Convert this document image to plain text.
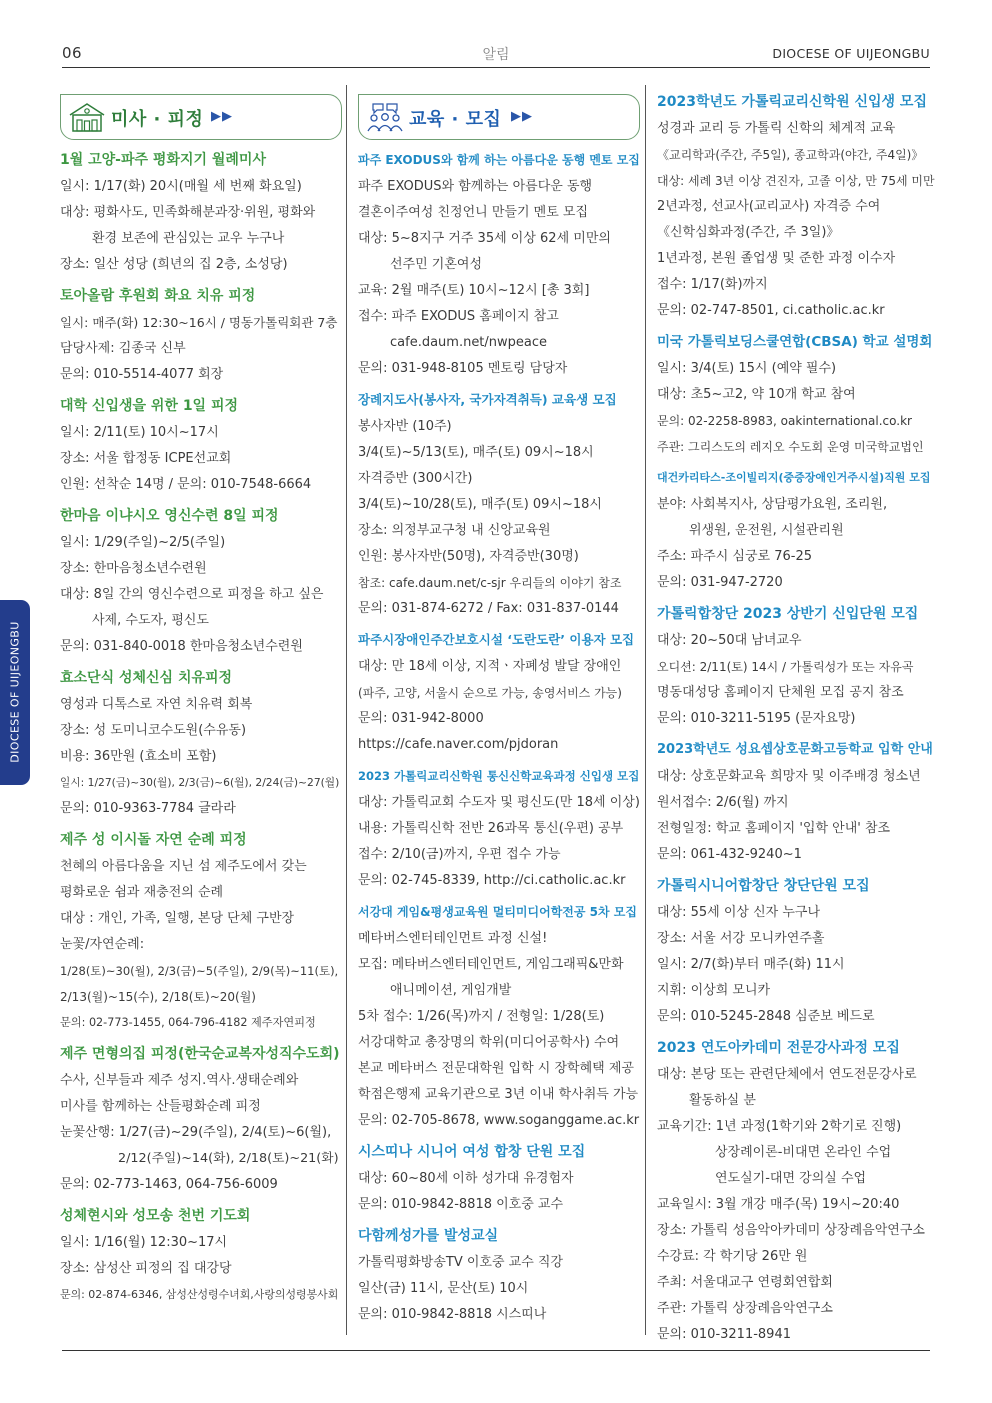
06	알림	DIOCESE OF UIJEONGBU
DIOCESE OF UIJEONGBU
미사 · 피정 ▶▶
1월 고양-파주 평화지기 월례미사
일시: 1/17(화) 20시(매월 세 번째 화요일)
대상: 평화사도, 민족화해분과장·위원, 평화와
환경 보존에 관심있는 교우 누구나
장소: 일산 성당 (희년의 집 2층, 소성당)
토아올람 후원회 화요 치유 피정
일시: 매주(화) 12:30~16시 / 명동가톨릭회관 7층
담당사제: 김종국 신부
문의: 010-5514-4077 회장
대학 신입생을 위한 1일 피정
일시: 2/11(토) 10시~17시
장소: 서울 합정동 ICPE선교회
인원: 선착순 14명 / 문의: 010-7548-6664
한마음 이냐시오 영신수련 8일 피정
일시: 1/29(주일)~2/5(주일)
장소: 한마음청소년수련원
대상: 8일 간의 영신수련으로 피정을 하고 싶은
사제, 수도자, 평신도
문의: 031-840-0018 한마음청소년수련원
효소단식 성체신심 치유피정
영성과 디톡스로 자연 치유력 회복
장소: 성 도미니코수도원(수유동)
비용: 36만원 (효소비 포함)
일시: 1/27(금)~30(월), 2/3(금)~6(월), 2/24(금)~27(월)
문의: 010-9363-7784 글라라
제주 성 이시돌 자연 순례 피정
천혜의 아름다움을 지닌 섬 제주도에서 갖는
평화로운 쉼과 재충전의 순례
대상 : 개인, 가족, 일행, 본당 단체 구반장
눈꽃/자연순례:
1/28(토)~30(월), 2/3(금)~5(주일), 2/9(목)~11(토),
2/13(월)~15(수), 2/18(토)~20(월)
문의: 02-773-1455, 064-796-4182 제주자연피정
제주 면형의집 피정(한국순교복자성직수도회)
수사, 신부들과 제주 성지.역사.생태순례와
미사를 함께하는 산들평화순례 피정
눈꽃산행: 1/27(금)~29(주일), 2/4(토)~6(월),
2/12(주일)~14(화), 2/18(토)~21(화)
문의: 02-773-1463, 064-756-6009
성체현시와 성모송 천번 기도회
일시: 1/16(월) 12:30~17시
장소: 삼성산 피정의 집 대강당
문의: 02-874-6346, 삼성산성령수녀회,사랑의성령봉사회
교육 · 모집 ▶▶
파주 EXODUS와 함께 하는 아름다운 동행 멘토 모집
파주 EXODUS와 함께하는 아름다운 동행
결혼이주여성 친정언니 만들기 멘토 모집
대상: 5~8지구 거주 35세 이상 62세 미만의
선주민 기혼여성
교육: 2월 매주(토) 10시~12시 [총 3회]
접수: 파주 EXODUS 홈페이지 참고
cafe.daum.net/nwpeace
문의: 031-948-8105 멘토링 담당자
장례지도사(봉사자, 국가자격취득) 교육생 모집
봉사자반 (10주)
3/4(토)~5/13(토), 매주(토) 09시~18시
자격증반 (300시간)
3/4(토)~10/28(토), 매주(토) 09시~18시
장소: 의정부교구청 내 신앙교육원
인원: 봉사자반(50명), 자격증반(30명)
참조: cafe.daum.net/c-sjr 우리들의 이야기 참조
문의: 031-874-6272 / Fax: 031-837-0144
파주시장애인주간보호시설 ‘도란도란’ 이용자 모집
대상: 만 18세 이상, 지적ㆍ자폐성 발달 장애인
(파주, 고양, 서울시 순으로 가능, 송영서비스 가능)
문의: 031-942-8000
https://cafe.naver.com/pjdoran
2023 가톨릭교리신학원 통신신학교육과정 신입생 모집
대상: 가톨릭교회 수도자 및 평신도(만 18세 이상)
내용: 가톨릭신학 전반 26과목 통신(우편) 공부
접수: 2/10(금)까지, 우편 접수 가능
문의: 02-745-8339, http://ci.catholic.ac.kr
서강대 게임&평생교육원 멀티미디어학전공 5차 모집
메타버스엔터테인먼트 과정 신설!
모집: 메타버스엔터테인먼트, 게임그래픽&만화
애니메이션, 게임개발
5차 접수: 1/26(목)까지 / 전형일: 1/28(토)
서강대학교 총장명의 학위(미디어공학사) 수여
본교 메타버스 전문대학원 입학 시 장학혜택 제공
학점은행제 교육기관으로 3년 이내 학사취득 가능
문의: 02-705-8678, www.soganggame.ac.kr
시스띠나 시니어 여성 합창 단원 모집
대상: 60~80세 이하 성가대 유경험자
문의: 010-9842-8818 이호중 교수
다함께성가를 발성교실
가톨릭평화방송TV 이호중 교수 직강
일산(금) 11시, 문산(토) 10시
문의: 010-9842-8818 시스띠나
2023학년도 가톨릭교리신학원 신입생 모집
성경과 교리 등 가톨릭 신학의 체계적 교육
《교리학과(주간, 주5일), 종교학과(야간, 주4일)》
대상: 세례 3년 이상 견진자, 고졸 이상, 만 75세 미만
2년과정, 선교사(교리교사) 자격증 수여
《신학심화과정(주간, 주 3일)》
1년과정, 본원 졸업생 및 준한 과정 이수자
접수: 1/17(화)까지
문의: 02-747-8501, ci.catholic.ac.kr
미국 가톨릭보딩스쿨연합(CBSA) 학교 설명회
일시: 3/4(토) 15시 (예약 필수)
대상: 초5~고2, 약 10개 학교 참여
문의: 02-2258-8983, oakinternational.co.kr
주관: 그리스도의 레지오 수도회 운영 미국학교법인
대건카리타스-조이빌리지(중증장애인거주시설)직원 모집
분야: 사회복지사, 상담평가요원, 조리원,
위생원, 운전원, 시설관리원
주소: 파주시 심궁로 76-25
문의: 031-947-2720
가톨릭합창단 2023 상반기 신입단원 모집
대상: 20~50대 남녀교우
오디션: 2/11(토) 14시 / 가톨릭성가 또는 자유곡
명동대성당 홈페이지 단체원 모집 공지 참조
문의: 010-3211-5195 (문자요망)
2023학년도 성요셉상호문화고등학교 입학 안내
대상: 상호문화교육 희망자 및 이주배경 청소년
원서접수: 2/6(월) 까지
전형일정: 학교 홈페이지 '입학 안내' 참조
문의: 061-432-9240~1
가톨릭시니어합창단 창단단원 모집
대상: 55세 이상 신자 누구나
장소: 서울 서강 모니카연주홀
일시: 2/7(화)부터 매주(화) 11시
지휘: 이상희 모니카
문의: 010-5245-2848 심준보 베드로
2023 연도아카데미 전문강사과정 모집
대상: 본당 또는 관련단체에서 연도전문강사로
활동하실 분
교육기간: 1년 과정(1학기와 2학기로 진행)
상장례이론-비대면 온라인 수업
연도실기-대면 강의실 수업
교육일시: 3월 개강 매주(목) 19시~20:40
장소: 가톨릭 성음악아카데미 상장례음악연구소
수강료: 각 학기당 26만 원
주최: 서울대교구 연령회연합회
주관: 가톨릭 상장례음악연구소
문의: 010-3211-8941
